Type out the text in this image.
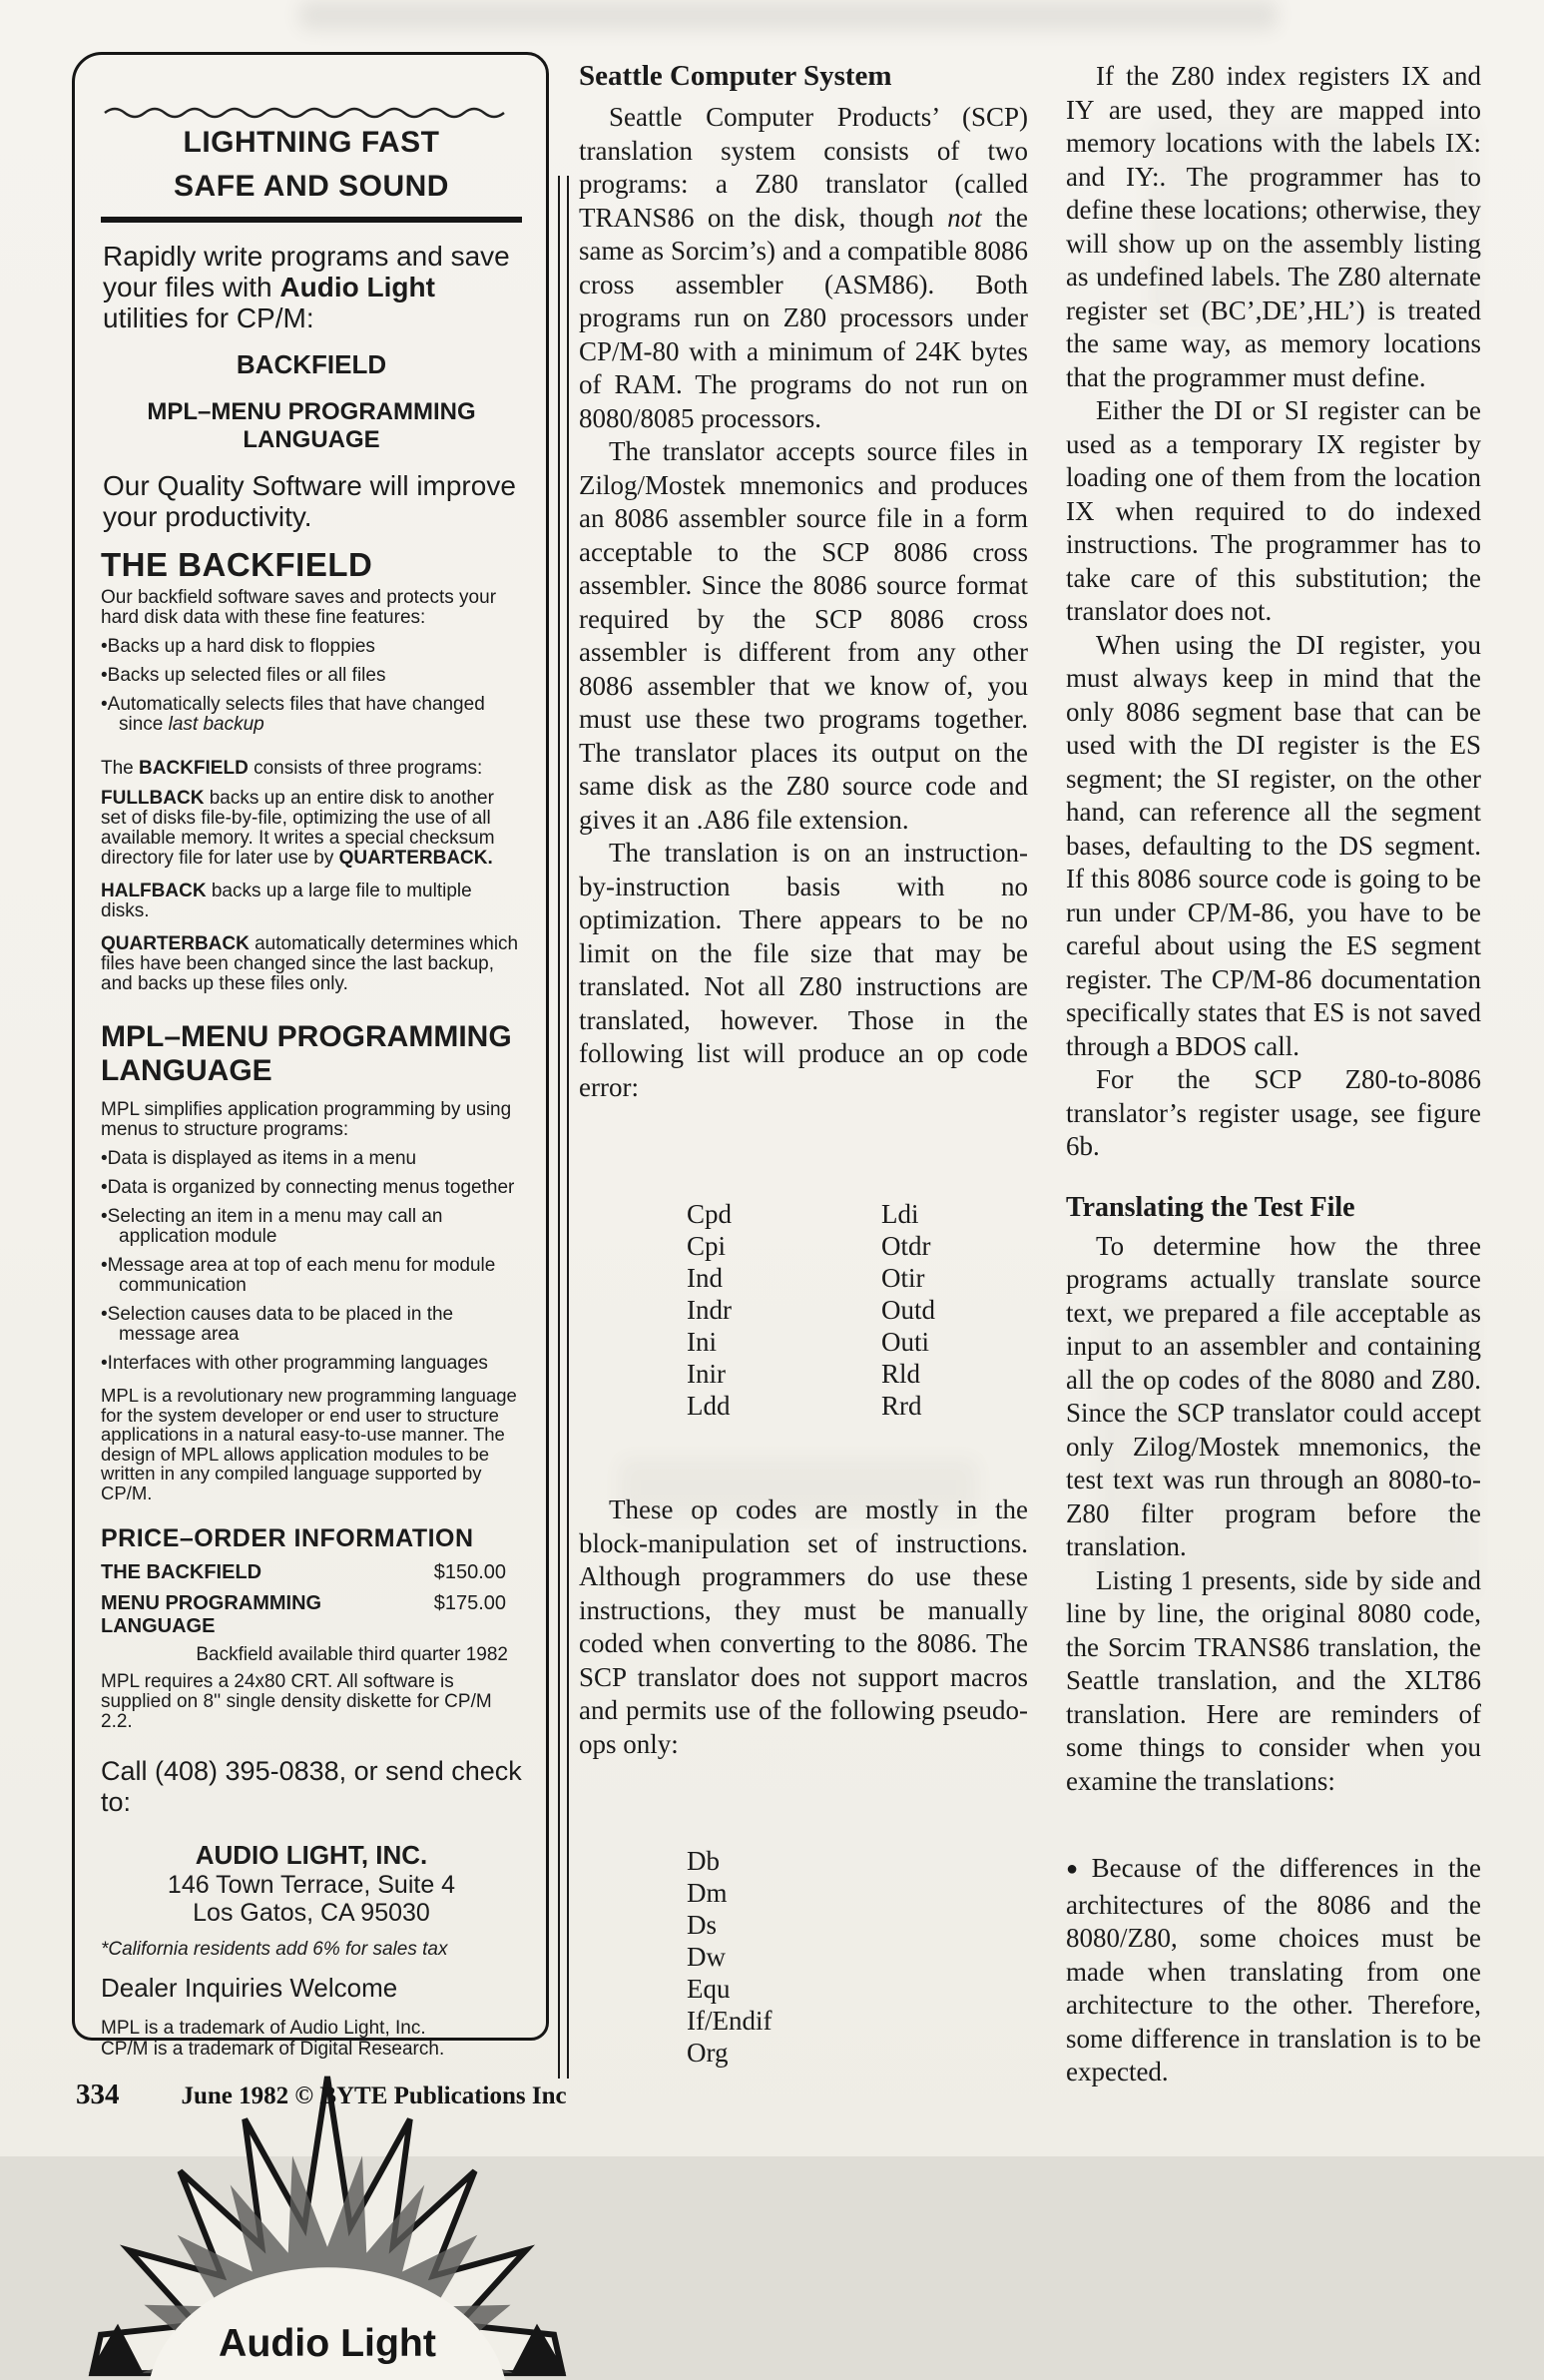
LIGHTNING FAST
SAFE AND SOUND

Rapidly write programs and save your files with Audio Light utilities for CP/M:

BACKFIELD
MPL–MENU PROGRAMMING LANGUAGE

Our Quality Software will improve your productivity.

THE BACKFIELD

Our backfield software saves and protects your hard disk data with these fine features:

• Backs up a hard disk to floppies

• Backs up selected files or all files

• Automatically selects files that have changed since last backup

The BACKFIELD consists of three programs:

FULLBACK backs up an entire disk to another set of disks file-by-file, optimizing the use of all available memory. It writes a special checksum directory file for later use by QUARTERBACK.

HALFBACK backs up a large file to multiple disks.

QUARTERBACK automatically determines which files have been changed since the last backup, and backs up these files only.

MPL–MENU PROGRAMMING LANGUAGE

MPL simplifies application programming by using menus to structure programs:

• Data is displayed as items in a menu

• Data is organized by connecting menus together

• Selecting an item in a menu may call an application module

• Message area at top of each menu for module communication

• Selection causes data to be placed in the message area

• Interfaces with other programming languages

MPL is a revolutionary new programming language for the system developer or end user to structure applications in a natural easy-to-use manner. The design of MPL allows application modules to be written in any compiled language supported by CP/M.

PRICE–ORDER INFORMATION
THE BACKFIELD	$150.00
MENU PROGRAMMING LANGUAGE
$175.00
Backfield available third quarter 1982

MPL requires a 24x80 CRT. All software is supplied on 8'' single density diskette for CP/M 2.2.

Call (408) 395-0838, or send check to:

AUDIO LIGHT, INC.
146 Town Terrace, Suite 4
Los Gatos, CA 95030
*California residents add 6% for sales tax
Dealer Inquiries Welcome
MPL is a trademark of Audio Light, Inc.
CP/M is a trademark of Digital Research.
Audio Light
Seattle Computer System

Seattle Computer Products’ (SCP) translation system consists of two programs: a Z80 translator (called TRANS86 on the disk, though not the same as Sorcim’s) and a compatible 8086 cross assembler (ASM86). Both programs run on Z80 processors under CP/M-80 with a minimum of 24K bytes of RAM. The programs do not run on 8080/8085 processors.

The translator accepts source files in Zilog/Mostek mnemonics and produces an 8086 assembler source file in a form acceptable to the SCP 8086 cross assembler. Since the 8086 source format required by the SCP 8086 cross assembler is different from any other 8086 assembler that we know of, you must use these two programs together. The translator places its output on the same disk as the Z80 source code and gives it an .A86 file extension.

The translation is on an instruction-by-instruction basis with no optimization. There appears to be no limit on the file size that may be translated. Not all Z80 instructions are translated, however. Those in the following list will produce an op code error:

Cpd
Cpi
Ind
Indr
Ini
Inir
Ldd
Ldi
Otdr
Otir
Outd
Outi
Rld
Rrd

These op codes are mostly in the block-manipulation set of instructions. Although programmers do use these instructions, they must be manually coded when converting to the 8086. The SCP translator does not support macros and permits use of the following pseudo-ops only:

Db
Dm
Ds
Dw
Equ
If/Endif
Org

If the Z80 index registers IX and IY are used, they are mapped into memory locations with the labels IX: and IY:. The programmer has to define these locations; otherwise, they will show up on the assembly listing as undefined labels. The Z80 alternate register set (BC’,DE’,HL’) is treated the same way, as memory locations that the programmer must define.

Either the DI or SI register can be used as a temporary IX register by loading one of them from the location IX when required to do indexed instructions. The programmer has to take care of this substitution; the translator does not.

When using the DI register, you must always keep in mind that the only 8086 segment base that can be used with the DI register is the ES segment; the SI register, on the other hand, can reference all the segment bases, defaulting to the DS segment. If this 8086 source code is going to be run under CP/M-86, you have to be careful about using the ES segment register. The CP/M-86 documentation specifically states that ES is not saved through a BDOS call.

For the SCP Z80-to-8086 translator’s register usage, see figure 6b.

Translating the Test File

To determine how the three programs actually translate source text, we prepared a file acceptable as input to an assembler and containing all the op codes of the 8080 and Z80. Since the SCP translator could accept only Zilog/Mostek mnemonics, the test text was run through an 8080-to-Z80 filter program before the translation.

Listing 1 presents, side by side and line by line, the original 8080 code, the Sorcim TRANS86 translation, the Seattle translation, and the XLT86 translation. Here are reminders of some things to consider when you examine the translations:

● Because of the differences in the architectures of the 8086 and the 8080/Z80, some choices must be made when translating from one architecture to the other. Therefore, some difference in translation is to be expected.

334 June 1982 © BYTE Publications Inc
